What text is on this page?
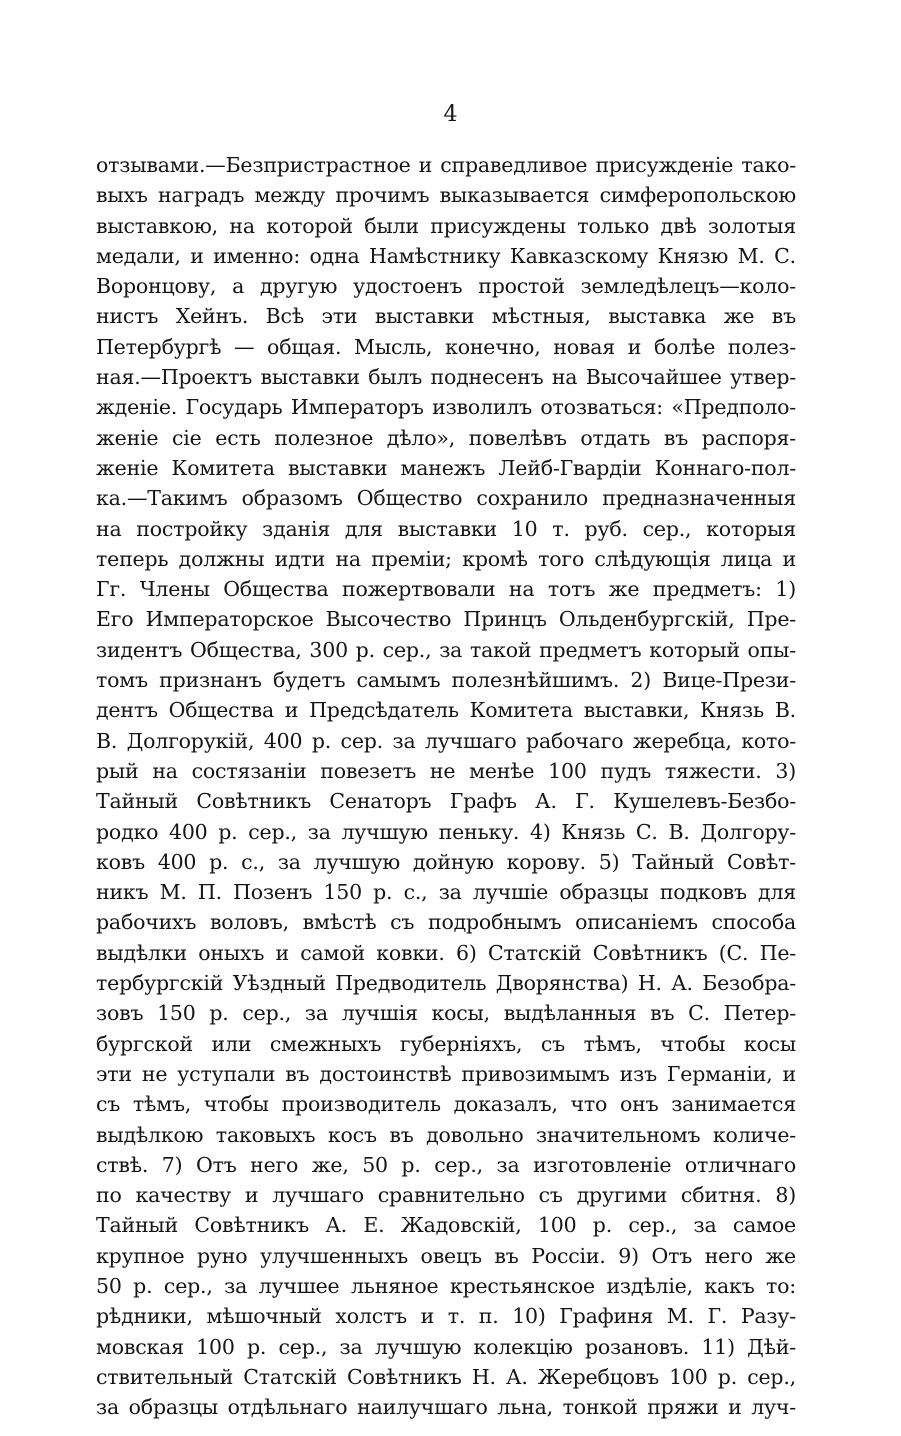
4
отзывами.—Безпристрастное и справедливое присужденіе тако-
выхъ наградъ между прочимъ выказывается симферопольскою
выставкою, на которой были присуждены только двѣ золотыя
медали, и именно: одна Намѣстнику Кавказскому Князю М. С.
Воронцову, а другую удостоенъ простой земледѣлецъ—коло-
нистъ Хейнъ. Всѣ эти выставки мѣстныя, выставка же въ
Петербургѣ — общая. Мысль, конечно, новая и болѣе полез-
ная.—Проектъ выставки былъ поднесенъ на Высочайшее утвер-
жденіе. Государь Императоръ изволилъ отозваться: «Предполо-
женіе сіе есть полезное дѣло», повелѣвъ отдать въ распоря-
женіе Комитета выставки манежъ Лейб-Гвардіи Коннаго-пол-
ка.—Такимъ образомъ Общество сохранило предназначенныя
на постройку зданія для выставки 10 т. руб. сер., которыя
теперь должны идти на преміи; кромѣ того слѣдующія лица и
Гг. Члены Общества пожертвовали на тотъ же предметъ: 1)
Его Императорское Высочество Принцъ Ольденбургскій, Пре-
зидентъ Общества, 300 р. сер., за такой предметъ который опы-
томъ признанъ будетъ самымъ полезнѣйшимъ. 2) Вице-Прези-
дентъ Общества и Предсѣдатель Комитета выставки, Князь В.
В. Долгорукій, 400 р. сер. за лучшаго рабочаго жеребца, кото-
рый на состязаніи повезетъ не менѣе 100 пудъ тяжести. 3)
Тайный Совѣтникъ Сенаторъ Графъ А. Г. Кушелевъ-Безбо-
родко 400 р. сер., за лучшую пеньку. 4) Князь С. В. Долгору-
ковъ 400 р. с., за лучшую дойную корову. 5) Тайный Совѣт-
никъ М. П. Позенъ 150 р. с., за лучшіе образцы подковъ для
рабочихъ воловъ, вмѣстѣ съ подробнымъ описаніемъ способа
выдѣлки оныхъ и самой ковки. 6) Статскій Совѣтникъ (С. Пе-
тербургскій Уѣздный Предводитель Дворянства) Н. А. Безобра-
зовъ 150 р. сер., за лучшія косы, выдѣланныя въ С. Петер-
бургской или смежныхъ губерніяхъ, съ тѣмъ, чтобы косы
эти не уступали въ достоинствѣ привозимымъ изъ Германіи, и
съ тѣмъ, чтобы производитель доказалъ, что онъ занимается
выдѣлкою таковыхъ косъ въ довольно значительномъ количе-
ствѣ. 7) Отъ него же, 50 р. сер., за изготовленіе отличнаго
по качеству и лучшаго сравнительно съ другими сбитня. 8)
Тайный Совѣтникъ А. Е. Жадовскій, 100 р. сер., за самое
крупное руно улучшенныхъ овецъ въ Россіи. 9) Отъ него же
50 р. сер., за лучшее льняное крестьянское издѣліе, какъ то:
рѣдники, мѣшочный холстъ и т. п. 10) Графиня М. Г. Разу-
мовская 100 р. сер., за лучшую колекцію розановъ. 11) Дѣй-
ствительный Статскій Совѣтникъ Н. А. Жеребцовъ 100 р. сер.,
за образцы отдѣльнаго наилучшаго льна, тонкой пряжи и луч-
